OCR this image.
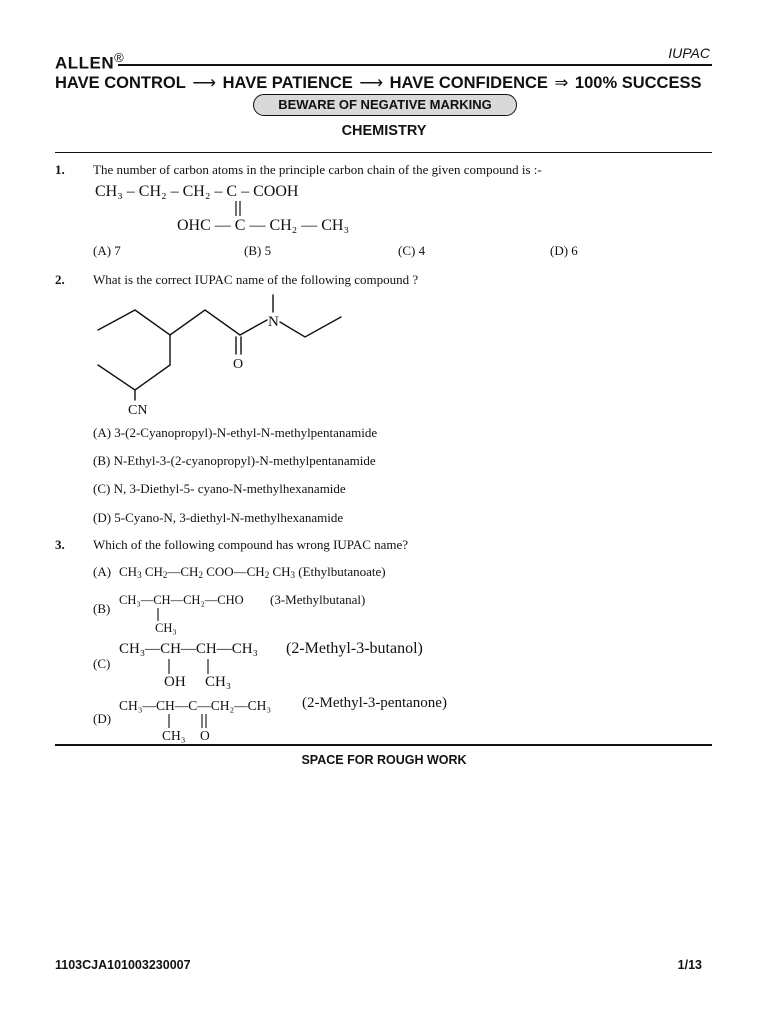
ALLEN®	IUPAC
HAVE CONTROL ⟶ HAVE PATIENCE ⟶ HAVE CONFIDENCE ⇒ 100% SUCCESS
BEWARE OF NEGATIVE MARKING
CHEMISTRY
1. The number of carbon atoms in the principle carbon chain of the given compound is :-
CH₃ – CH₂ – CH₂ – C – COOH
OHC — C — CH₂ — CH₃
(A) 7	(B) 5	(C) 4	(D) 6
2. What is the correct IUPAC name of the following compound ?
N
O
CN
(A) 3-(2-Cyanopropyl)-N-ethyl-N-methylpentanamide
(B) N-Ethyl-3-(2-cyanopropyl)-N-methylpentanamide
(C) N, 3-Diethyl-5- cyano-N-methylhexanamide
(D) 5-Cyano-N, 3-diethyl-N-methylhexanamide
3. Which of the following compound has wrong IUPAC name?
(A) $CH_3$ $CH_2—CH_2$ $COO—CH_2$ $CH_3$ (Ethylbutanoate)
(B)
CH₃—CH—CH₂—CHO
CH₃
(3-Methylbutanal)
(C)
CH₃—CH—CH—CH₃
OH CH₃
(2-Methyl-3-butanol)
(D)
CH₃—CH—C—CH₂—CH₃
CH₃ O
(2-Methyl-3-pentanone)
SPACE FOR ROUGH WORK
1103CJA101003230007	1/13
